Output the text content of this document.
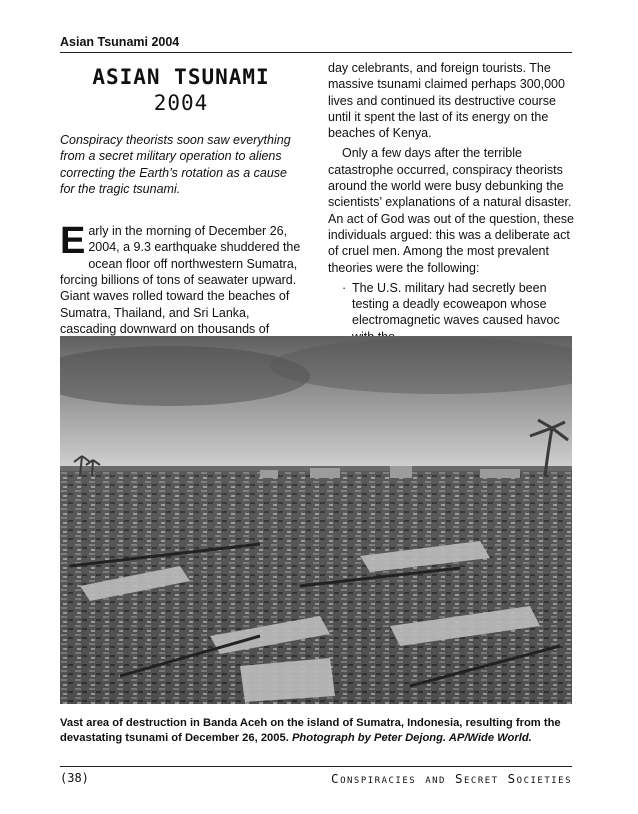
Asian Tsunami 2004

ASIAN TSUNAMI
2004

Conspiracy theorists soon saw everything from a secret military operation to aliens correcting the Earth’s rotation as a cause for the tragic tsunami.

Early in the morning of December 26, 2004, a 9.3 earthquake shuddered the ocean floor off northwestern Sumatra, forcing billions of tons of seawater upward. Giant waves rolled toward the beaches of Sumatra, Thailand, and Sri Lanka, cascading downward on thousands of

day celebrants, and foreign tourists. The massive tsunami claimed perhaps 300,000 lives and continued its destructive course until it spent the last of its energy on the beaches of Kenya.

Only a few days after the terrible catastrophe occurred, conspiracy theorists around the world were busy debunking the scientists’ explanations of a natural disaster. An act of God was out of the question, these individuals argued: this was a deliberate act of cruel men. Among the most prevalent theories were the following:

· The U.S. military had secretly been testing a deadly ecoweapon whose electromagnetic waves caused havoc

Vast area of destruction in Banda Aceh on the island of Sumatra, Indonesia, resulting from the devastating tsunami of December 26, 2005. Photograph by Peter Dejong. AP/Wide World.
(38)	Conspiracies and Secret Societies
